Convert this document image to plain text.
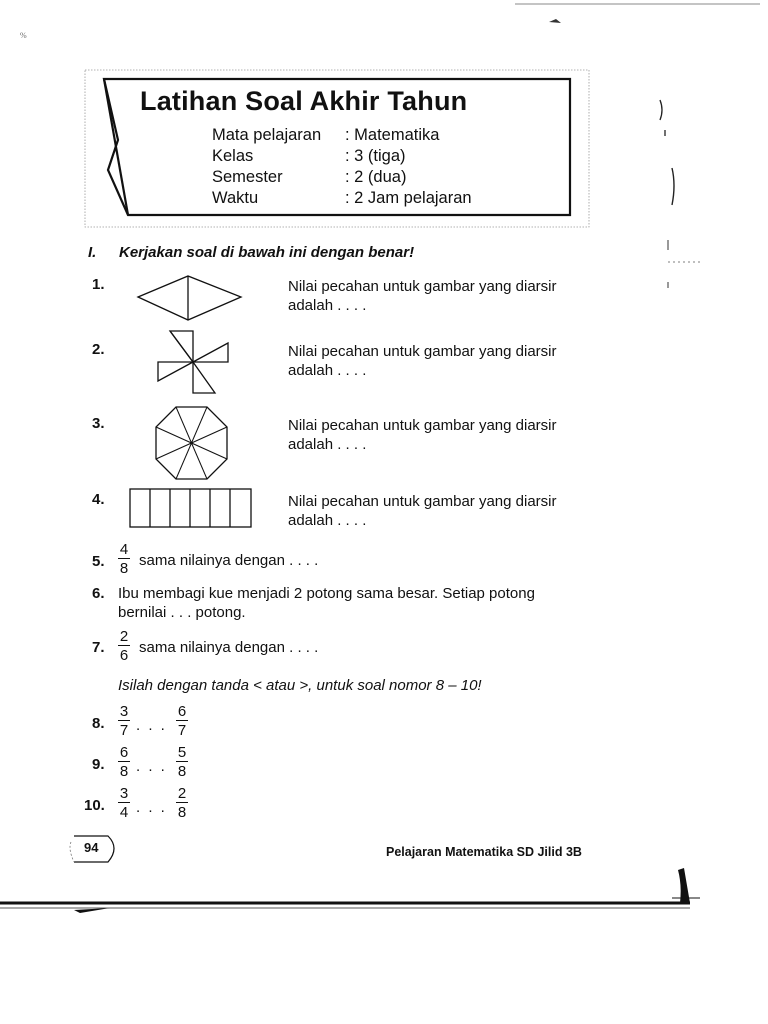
%
Latihan Soal Akhir Tahun
Mata pelajaran : Matematika
Kelas	: 3 (tiga)
Semester	: 2 (dua)
Waktu	: 2 Jam pelajaran
I. Kerjakan soal di bawah ini dengan benar!
1.	Nilai pecahan untuk gambar yang diarsir
adalah . . . .
2.	Nilai pecahan untuk gambar yang diarsir
adalah . . . .
3.	Nilai pecahan untuk gambar yang diarsir
adalah . . . .
4.	Nilai pecahan untuk gambar yang diarsir
adalah . . . .
5.
4
8 sama nilainya dengan . . . .
6. Ibu membagi kue menjadi 2 potong sama besar. Setiap potong
bernilai . . . potong.
7.
2
6 sama nilainya dengan . . . .
Isilah dengan tanda < atau >, untuk soal nomor 8 – 10!
8.
3
7 . . .
6
7
9.
6
8 . . .
5
8
10.
3
4 . . .
2
8
94	Pelajaran Matematika SD Jilid 3B
